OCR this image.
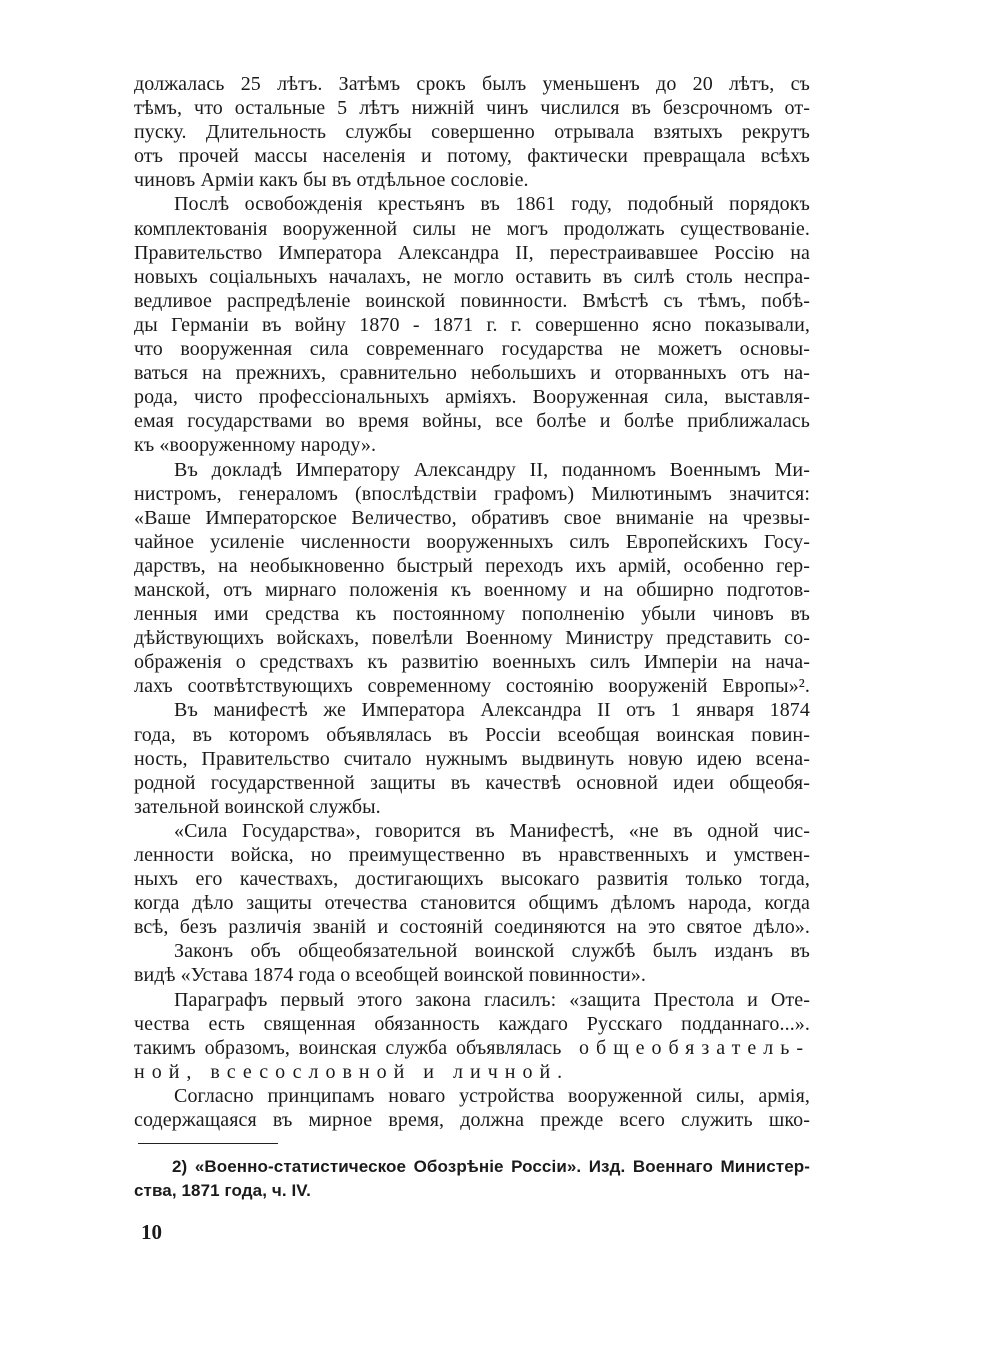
должалась 25 лѣтъ. Затѣмъ срокъ былъ уменьшенъ до 20 лѣтъ, съ
тѣмъ, что остальные 5 лѣтъ нижній чинъ числился въ безсрочномъ от-
пуску. Длительность службы совершенно отрывала взятыхъ рекрутъ
отъ прочей массы населенія и потому, фактически превращала всѣхъ
чиновъ Арміи какъ бы въ отдѣльное сословіе.
Послѣ освобожденія крестьянъ въ 1861 году, подобный порядокъ
комплектованія вооруженной силы не могъ продолжать существованіе.
Правительство Императора Александра II, перестраивавшее Россію на
новыхъ соціальныхъ началахъ, не могло оставить въ силѣ столь неспра-
ведливое распредѣленіе воинской повинности. Вмѣстѣ съ тѣмъ, побѣ-
ды Германіи въ войну 1870 - 1871 г. г. совершенно ясно показывали,
что вооруженная сила современнаго государства не можетъ основы-
ваться на прежнихъ, сравнительно небольшихъ и оторванныхъ отъ на-
рода, чисто профессіональныхъ арміяхъ. Вооруженная сила, выставля-
емая государствами во время войны, все болѣе и болѣе приближалась
къ «вооруженному народу».
Въ докладѣ Императору Александру II, поданномъ Военнымъ Ми-
нистромъ, генераломъ (впослѣдствіи графомъ) Милютинымъ значится:
«Ваше Императорское Величество, обративъ свое вниманіе на чрезвы-
чайное усиленіе численности вооруженныхъ силъ Европейскихъ Госу-
дарствъ, на необыкновенно быстрый переходъ ихъ армій, особенно гер-
манской, отъ мирнаго положенія къ военному и на обширно подготов-
ленныя ими средства къ постоянному пополненію убыли чиновъ въ
дѣйствующихъ войскахъ, повелѣли Военному Министру представить со-
ображенія о средствахъ къ развитію военныхъ силъ Имперіи на нача-
лахъ соотвѣтствующихъ современному состоянію вооруженій Европы»².
Въ манифестѣ же Императора Александра II отъ 1 января 1874
года, въ которомъ объявлялась въ Россіи всеобщая воинская повин-
ность, Правительство считало нужнымъ выдвинуть новую идею всена-
родной государственной защиты въ качествѣ основной идеи общеобя-
зательной воинской службы.
«Сила Государства», говорится въ Манифестѣ, «не въ одной чис-
ленности войска, но преимущественно въ нравственныхъ и умствен-
ныхъ его качествахъ, достигающихъ высокаго развитія только тогда,
когда дѣло защиты отечества становится общимъ дѣломъ народа, когда
всѣ, безъ различія званій и состояній соединяются на это святое дѣло».
Законъ объ общеобязательной воинской службѣ былъ изданъ въ
видѣ «Устава 1874 года о всеобщей воинской повинности».
Параграфъ первый этого закона гласилъ: «защита Престола и Оте-
чества есть священная обязанность каждаго Русскаго подданнаго...».
такимъ образомъ, воинская служба объявлялась общеобязатель-
ной, всесословной и личной.
Согласно принципамъ новаго устройства вооруженной силы, армія,
содержащаяся въ мирное время, должна прежде всего служить шко-
2) «Военно-статистическое Обозрѣніе Россіи». Изд. Военнаго Министер-
ства, 1871 года, ч. IV.
10
